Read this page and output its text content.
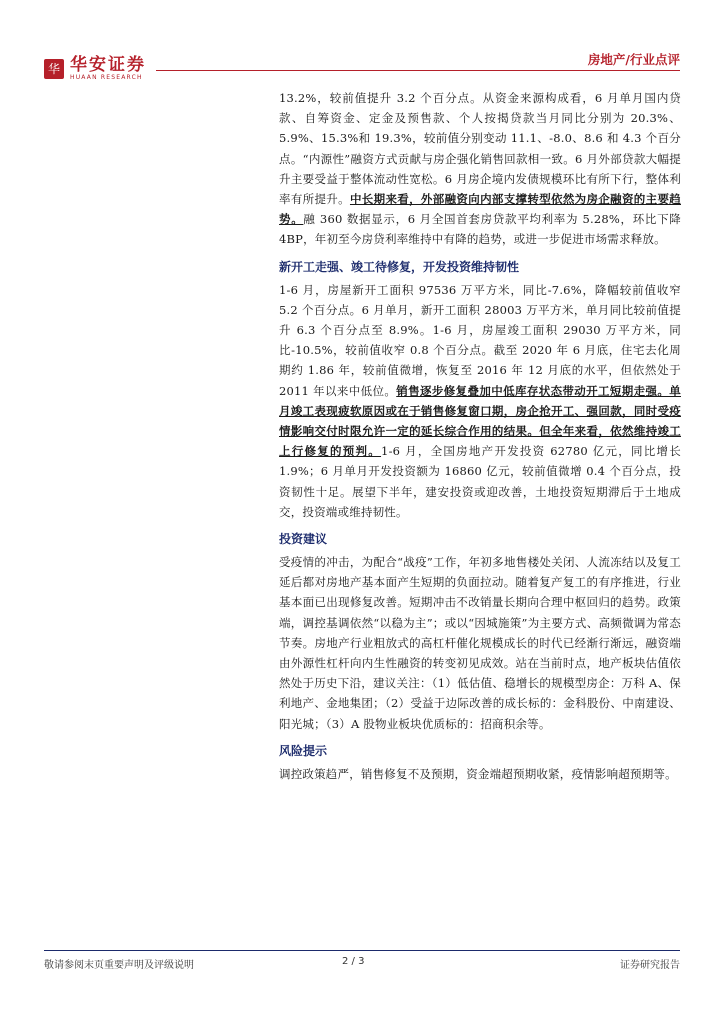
华 华安证券
HUAAN RESEARCH
房地产/行业点评

13.2%，较前值提升 3.2 个百分点。从资金来源构成看，6 月单月国内贷款、自筹资金、定金及预售款、个人按揭贷款当月同比分别为 20.3%、5.9%、15.3%和 19.3%，较前值分别变动 11.1、-8.0、8.6 和 4.3 个百分点。“内源性”融资方式贡献与房企强化销售回款相一致。6 月外部贷款大幅提升主要受益于整体流动性宽松。6 月房企境内发债规模环比有所下行，整体利率有所提升。中长期来看，外部融资向内部支撑转型依然为房企融资的主要趋势。融 360 数据显示，6 月全国首套房贷款平均利率为 5.28%，环比下降 4BP，年初至今房贷利率维持中有降的趋势，或进一步促进市场需求释放。

新开工走强、竣工待修复，开发投资维持韧性

1-6 月，房屋新开工面积 97536 万平方米，同比-7.6%，降幅较前值收窄 5.2 个百分点。6 月单月，新开工面积 28003 万平方米，单月同比较前值提升 6.3 个百分点至 8.9%。1-6 月，房屋竣工面积 29030 万平方米，同比-10.5%，较前值收窄 0.8 个百分点。截至 2020 年 6 月底，住宅去化周期约 1.86 年，较前值微增，恢复至 2016 年 12 月底的水平，但依然处于 2011 年以来中低位。销售逐步修复叠加中低库存状态带动开工短期走强。单月竣工表现疲软原因或在于销售修复窗口期，房企抢开工、强回款，同时受疫情影响交付时限允许一定的延长综合作用的结果。但全年来看，依然维持竣工上行修复的预判。1-6 月，全国房地产开发投资 62780 亿元，同比增长 1.9%；6 月单月开发投资额为 16860 亿元，较前值微增 0.4 个百分点，投资韧性十足。展望下半年，建安投资或迎改善，土地投资短期滞后于土地成交，投资端或维持韧性。

投资建议

受疫情的冲击，为配合“战疫”工作，年初多地售楼处关闭、人流冻结以及复工延后都对房地产基本面产生短期的负面拉动。随着复产复工的有序推进，行业基本面已出现修复改善。短期冲击不改销量长期向合理中枢回归的趋势。政策端，调控基调依然“以稳为主”；或以“因城施策”为主要方式、高频微调为常态节奏。房地产行业粗放式的高杠杆催化规模成长的时代已经渐行渐远，融资端由外源性杠杆向内生性融资的转变初见成效。站在当前时点，地产板块估值依然处于历史下沿，建议关注：（1）低估值、稳增长的规模型房企：万科 A、保利地产、金地集团；（2）受益于边际改善的成长标的：金科股份、中南建设、阳光城；（3）A 股物业板块优质标的：招商积余等。

风险提示

调控政策趋严，销售修复不及预期，资金端超预期收紧，疫情影响超预期等。

敬请参阅末页重要声明及评级说明	2 / 3	证券研究报告
